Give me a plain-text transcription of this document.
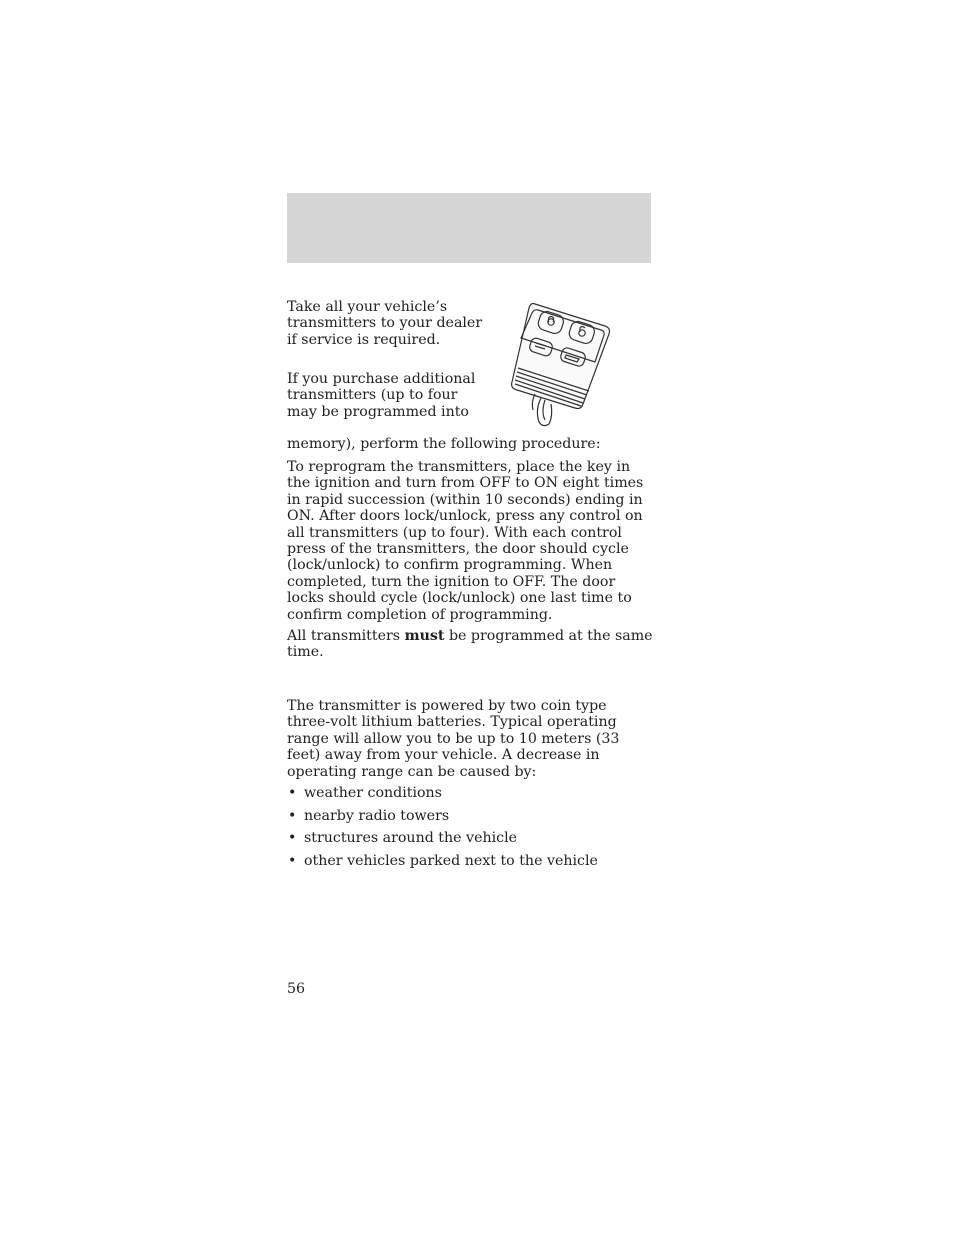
Take all your vehicle’s transmitters to your dealer if service is required.

If you purchase additional transmitters (up to four may be programmed into

memory), perform the following procedure:

To reprogram the transmitters, place the key in the ignition and turn from OFF to ON eight times in rapid succession (within 10 seconds) ending in ON. After doors lock/unlock, press any control on all transmitters (up to four). With each control press of the transmitters, the door should cycle (lock/unlock) to confirm programming. When completed, turn the ignition to OFF. The door locks should cycle (lock/unlock) one last time to confirm completion of programming.

All transmitters must be programmed at the same time.

The transmitter is powered by two coin type three-volt lithium batteries. Typical operating range will allow you to be up to 10 meters (33 feet) away from your vehicle. A decrease in operating range can be caused by:

• weather conditions
• nearby radio towers
• structures around the vehicle
• other vehicles parked next to the vehicle
56
